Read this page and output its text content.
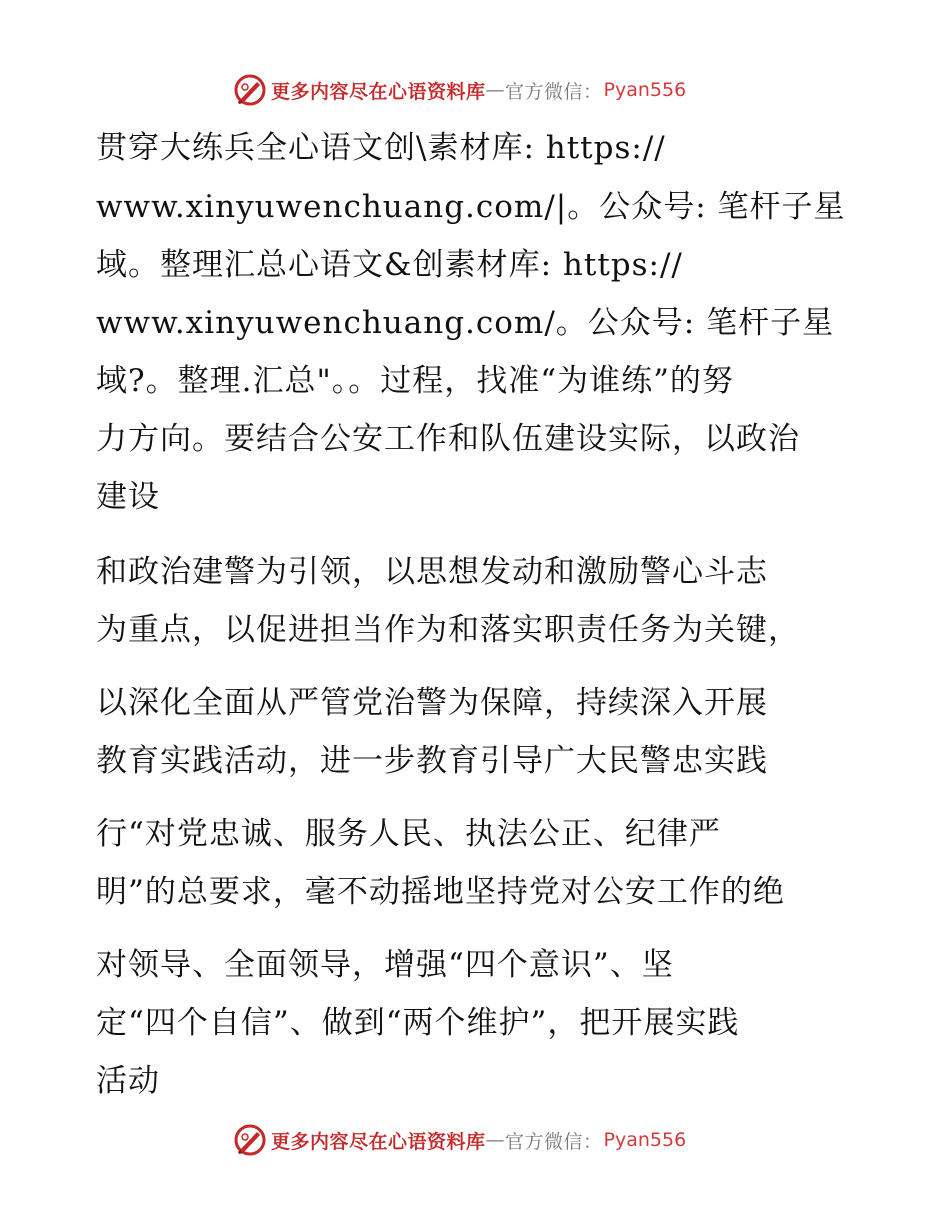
更多内容尽在心语资料库 — 官方微信： Pyan556
贯穿大练兵全心语文创\素材库: https://
www.xinyuwenchuang.com/|。公众号: 笔杆子星
域。整理汇总心语文&创素材库: https://
www.xinyuwenchuang.com/。公众号: 笔杆子星
域?。整理.汇总"。。过程，找准“为谁练”的努
力方向。要结合公安工作和队伍建设实际，以政治
建设
和政治建警为引领，以思想发动和激励警心斗志
为重点，以促进担当作为和落实职责任务为关键，
以深化全面从严管党治警为保障，持续深入开展
教育实践活动，进一步教育引导广大民警忠实践
行“对党忠诚、服务人民、执法公正、纪律严
明”的总要求，毫不动摇地坚持党对公安工作的绝
对领导、全面领导，增强“四个意识”、坚
定“四个自信”、做到“两个维护”，把开展实践
活动
更多内容尽在心语资料库 — 官方微信： Pyan556
